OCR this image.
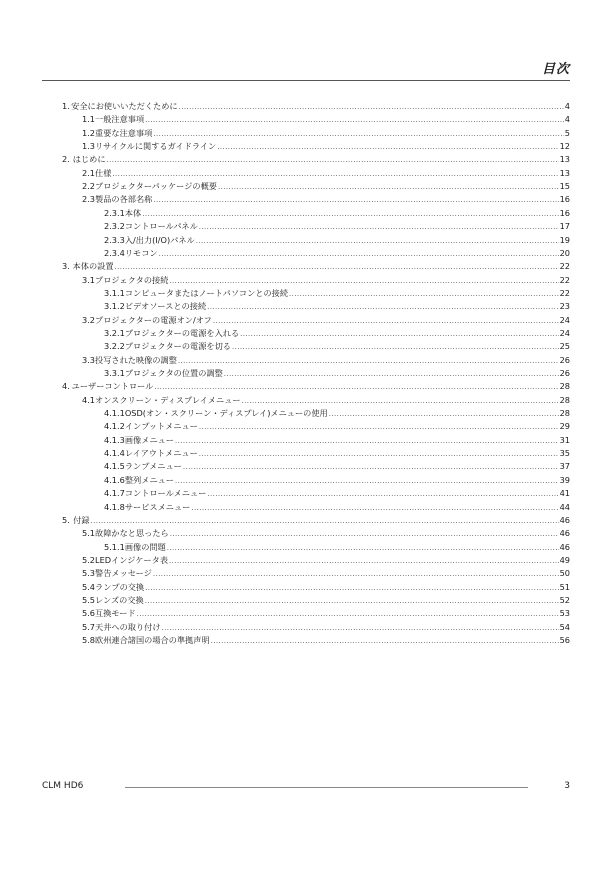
目次
1. 安全にお使いいただくために .....	4
1.1 一般注意事項 .....	4
1.2 重要な注意事項 .....	5
1.3 リサイクルに関するガイドライン .....	12
2. はじめに .....	13
2.1 仕様 .....	13
2.2 プロジェクターパッケージの概要 .....	15
2.3 製品の各部名称 .....	16
2.3.1 本体 .....	16
2.3.2 コントロールパネル .....	17
2.3.3 入/出力(I/O)パネル .....	19
2.3.4 リモコン .....	20
3. 本体の設置 .....	22
3.1 プロジェクタの接続 .....	22
3.1.1 コンピュータまたはノートパソコンとの接続 .....	22
3.1.2 ビデオソースとの接続 .....	23
3.2 プロジェクターの電源オン/オフ .....	24
3.2.1 プロジェクターの電源を入れる .....	24
3.2.2 プロジェクターの電源を切る .....	25
3.3 投写された映像の調整 .....	26
3.3.1 プロジェクタの位置の調整 .....	26
4. ユーザーコントロール .....	28
4.1 オンスクリーン・ディスプレイメニュー .....	28
4.1.1 OSD(オン・スクリーン・ディスプレイ)メニューの使用 .....	28
4.1.2 インプットメニュー .....	29
4.1.3 画像メニュー .....	31
4.1.4 レイアウトメニュー .....	35
4.1.5 ランプメニュー .....	37
4.1.6 整列メニュー .....	39
4.1.7 コントロールメニュー .....	41
4.1.8 サービスメニュー .....	44
5. 付録 .....	46
5.1 故障かなと思ったら .....	46
5.1.1 画像の問題 .....	46
5.2 LEDインジケータ表 .....	49
5.3 警告メッセージ .....	50
5.4 ランプの交換 .....	51
5.5 レンズの交換 .....	52
5.6 互換モード .....	53
5.7 天井への取り付け .....	54
5.8 欧州連合諸国の場合の準拠声明 .....	56
CLM HD6	3
